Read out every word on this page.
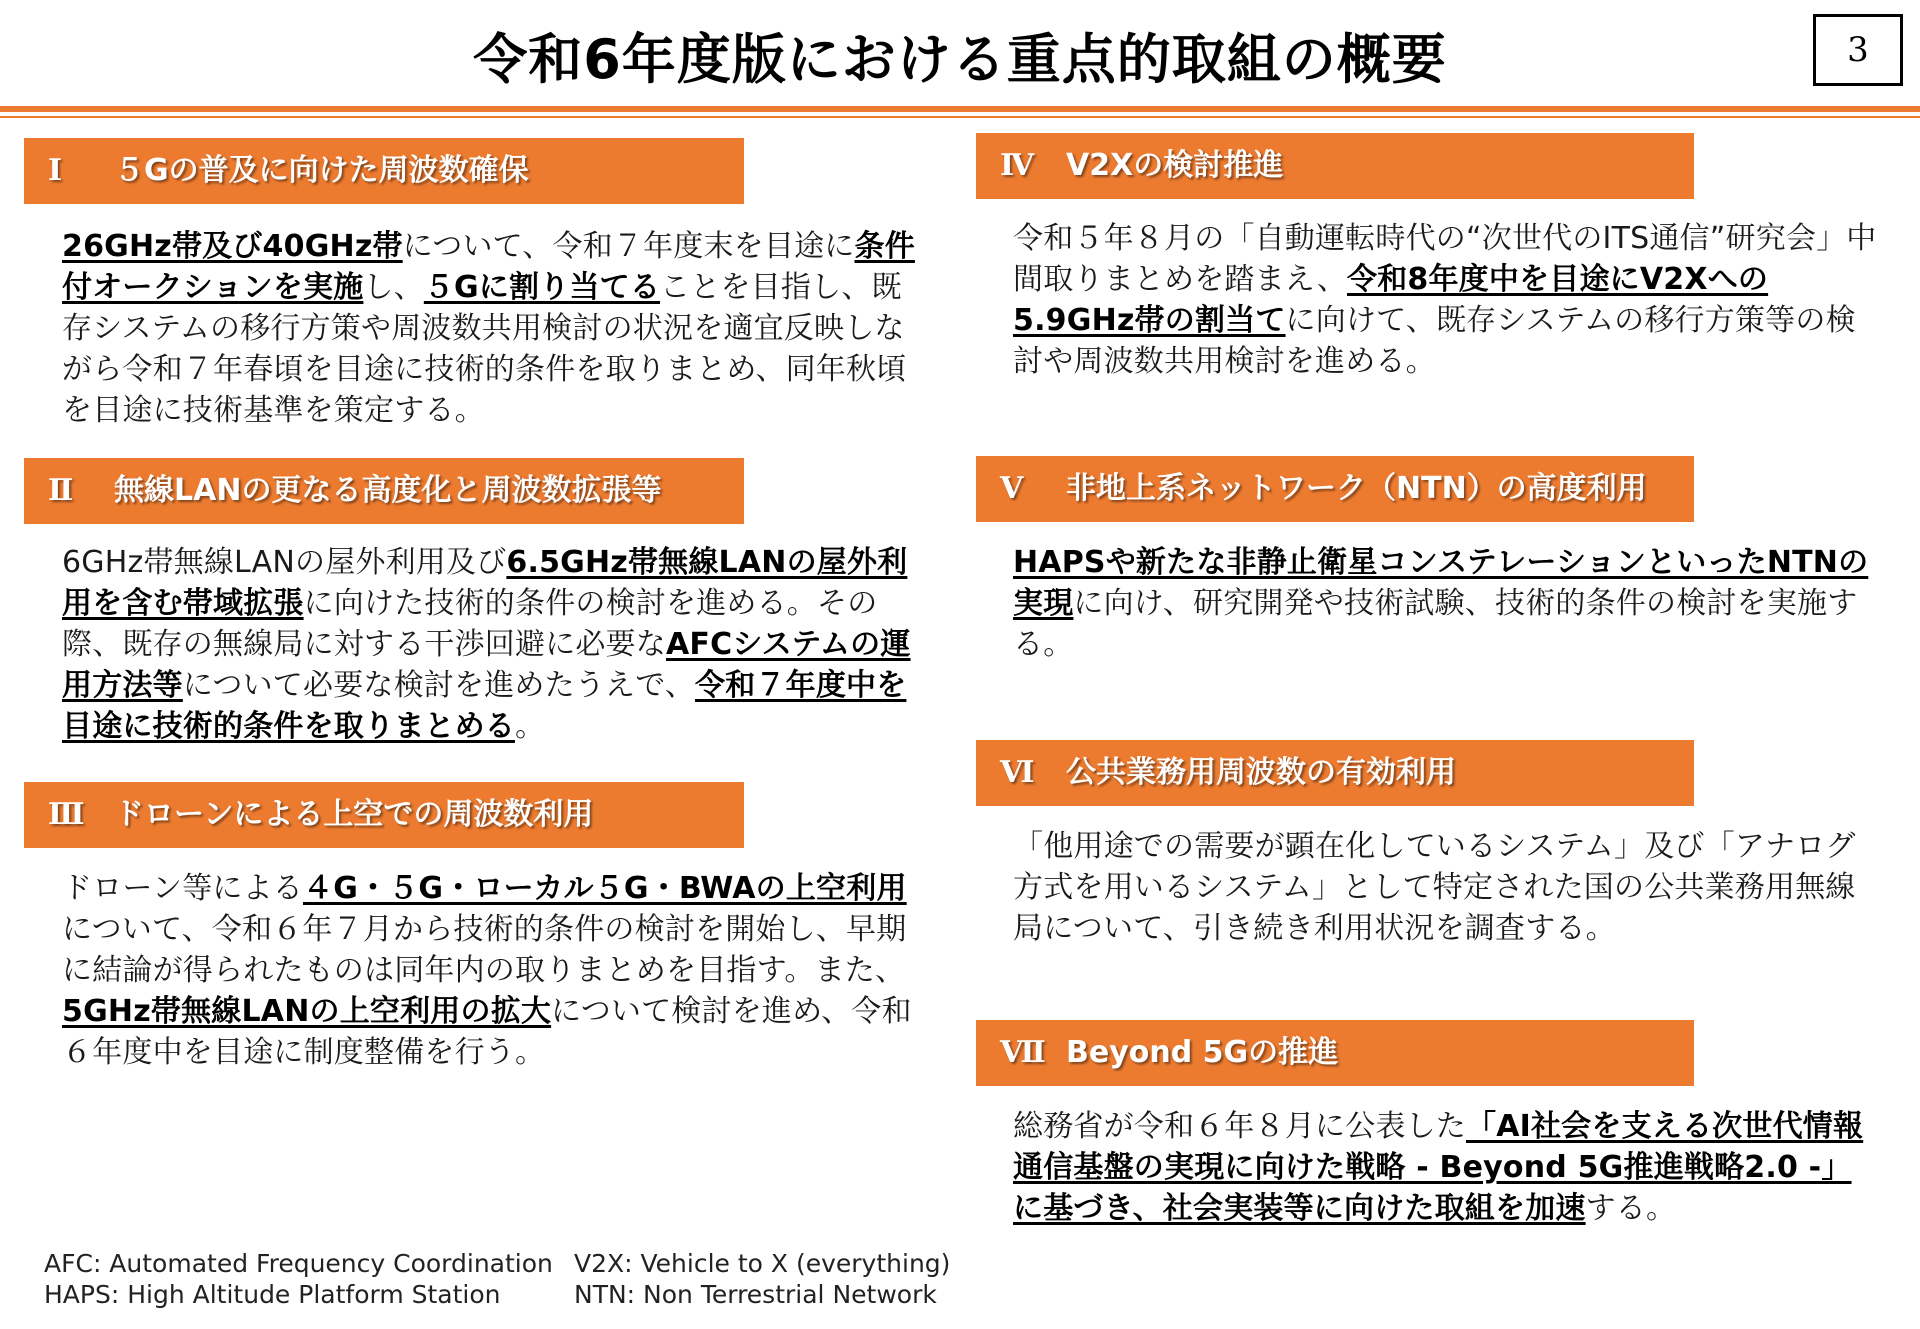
令和6年度版における重点的取組の概要	3
Ⅰ ５Gの普及に向けた周波数確保
26GHz帯及び40GHz帯について、令和７年度末を目途に条件付オークションを実施し、５Gに割り当てることを目指し、既存システムの移行方策や周波数共用検討の状況を適宜反映しながら令和７年春頃を目途に技術的条件を取りまとめ、同年秋頃を目途に技術基準を策定する。
Ⅱ 無線LANの更なる高度化と周波数拡張等
6GHz帯無線LANの屋外利用及び6.5GHz帯無線LANの屋外利用を含む帯域拡張に向けた技術的条件の検討を進める。その際、既存の無線局に対する干渉回避に必要なAFCシステムの運用方法等について必要な検討を進めたうえで、令和７年度中を目途に技術的条件を取りまとめる。
Ⅲ ドローンによる上空での周波数利用
ドローン等による４G・５G・ローカル５G・BWAの上空利用について、令和６年７月から技術的条件の検討を開始し、早期に結論が得られたものは同年内の取りまとめを目指す。また、5GHz帯無線LANの上空利用の拡大について検討を進め、令和６年度中を目途に制度整備を行う。
Ⅳ V2Xの検討推進
令和５年８月の「自動運転時代の“次世代のITS通信”研究会」中間取りまとめを踏まえ、令和8年度中を目途にV2Xへの5.9GHz帯の割当てに向けて、既存システムの移行方策等の検討や周波数共用検討を進める。
Ⅴ 非地上系ネットワーク（NTN）の高度利用
HAPSや新たな非静止衛星コンステレーションといったNTNの実現に向け、研究開発や技術試験、技術的条件の検討を実施する。
Ⅵ 公共業務用周波数の有効利用
「他用途での需要が顕在化しているシステム」及び「アナログ方式を用いるシステム」として特定された国の公共業務用無線局について、引き続き利用状況を調査する。
Ⅶ Beyond 5Gの推進
総務省が令和６年８月に公表した「AI社会を支える次世代情報通信基盤の実現に向けた戦略 - Beyond 5G推進戦略2.0 -」に基づき、社会実装等に向けた取組を加速する。
AFC: Automated Frequency Coordination V2X: Vehicle to X (everything)
HAPS: High Altitude Platform Station	NTN: Non Terrestrial Network
